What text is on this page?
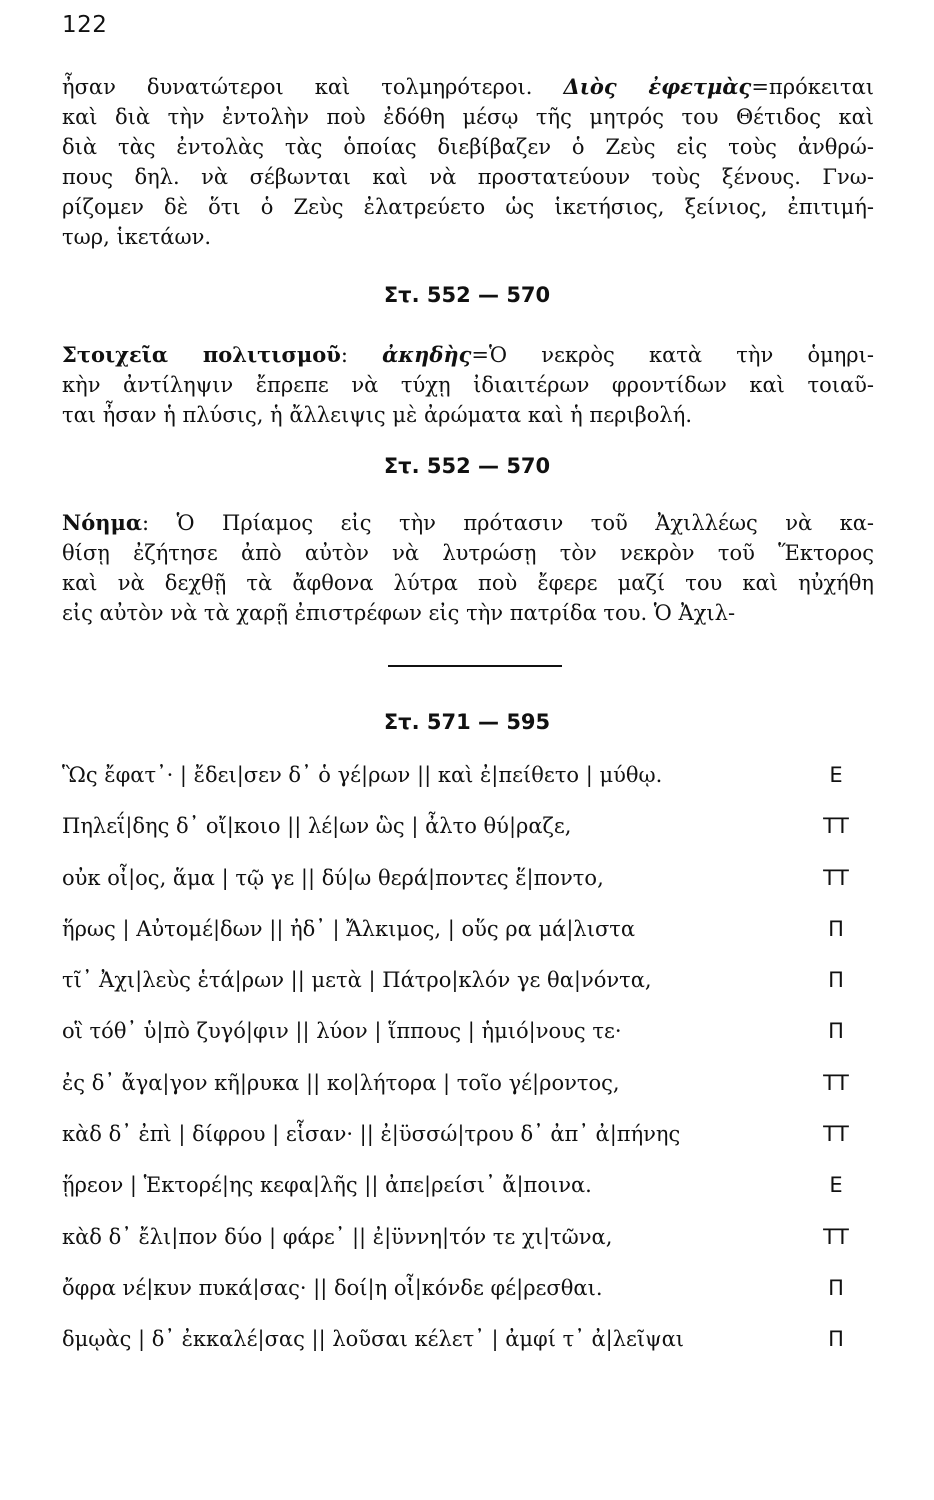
122
ἦσαν δυνατώτεροι καὶ τολμηρότεροι. Διὸς ἐφετμὰς=πρόκειται
καὶ διὰ τὴν ἐντολὴν ποὺ ἐδόθη μέσῳ τῆς μητρός του Θέτιδος καὶ
διὰ τὰς ἐντολὰς τὰς ὁποίας διεβίβαζεν ὁ Ζεὺς εἰς τοὺς ἀνθρώ-
πους δηλ. νὰ σέβωνται καὶ νὰ προστατεύουν τοὺς ξένους. Γνω-
ρίζομεν δὲ ὅτι ὁ Ζεὺς ἐλατρεύετο ὡς ἱκετήσιος, ξείνιος, ἐπιτιμή-
τωρ, ἱκετάων.
Στ. 552 — 570
Στοιχεῖα πολιτισμοῦ: ἀκηδὴς=Ὁ νεκρὸς κατὰ τὴν ὁμηρι-
κὴν ἀντίληψιν ἔπρεπε νὰ τύχῃ ἰδιαιτέρων φροντίδων καὶ τοιαῦ-
ται ἦσαν ἡ πλύσις, ἡ ἄλλειψις μὲ ἀρώματα καὶ ἡ περιβολή.
Στ. 552 — 570
Νόημα: Ὁ Πρίαμος εἰς τὴν πρότασιν τοῦ Ἀχιλλέως νὰ κα-
θίσῃ ἐζήτησε ἀπὸ αὐτὸν νὰ λυτρώσῃ τὸν νεκρὸν τοῦ Ἕκτορος
καὶ νὰ δεχθῇ τὰ ἄφθονα λύτρα ποὺ ἔφερε μαζί του καὶ ηὐχήθη
εἰς αὐτὸν νὰ τὰ χαρῇ ἐπιστρέφων εἰς τὴν πατρίδα του. Ὁ Ἀχιλ-
Στ. 571 — 595
Ὣς ἔφατ᾽· | ἔδει|σεν δ᾽ ὁ γέ|ρων || καὶ ἐ|πείθετο | μύθῳ.	Ε
Πηλεΐ|δης δ᾽ οἴ|κοιο || λέ|ων ὣς | ἆλτο θύ|ραζε,	ΤΤ
οὐκ οἶ|ος, ἅμα | τῷ γε || δύ|ω θερά|ποντες ἕ|ποντο,	ΤΤ
ἥρως | Αὐτομέ|δων || ἠδ᾽ | Ἄλκιμος, | οὕς ρα μά|λιστα	Π
τῖ᾽ Ἀχι|λεὺς ἑτά|ρων || μετὰ | Πάτρο|κλόν γε θα|νόντα,	Π
οἳ τόθ᾽ ὑ|πὸ ζυγό|φιν || λύον | ἵππους | ἡμιό|νους τε·	Π
ἐς δ᾽ ἄγα|γον κῆ|ρυκα || κο|λήτορα | τοῖο γέ|ροντος,	ΤΤ
κὰδ δ᾽ ἐπὶ | δίφρου | εἷσαν· || ἐ|ϋσσώ|τρου δ᾽ ἀπ᾽ ἀ|πήνης	ΤΤ
ᾕρεον | Ἑκτορέ|ης κεφα|λῆς || ἀπε|ρείσι᾽ ἄ|ποινα.	Ε
κὰδ δ᾽ ἔλι|πον δύο | φάρε᾽ || ἐ|ϋννη|τόν τε χι|τῶνα,	ΤΤ
ὄφρα νέ|κυν πυκά|σας· || δοί|η οἶ|κόνδε φέ|ρεσθαι.	Π
δμῳὰς | δ᾽ ἐκκαλέ|σας || λοῦσαι κέλετ᾽ | ἀμφί τ᾽ ἀ|λεῖψαι	Π
